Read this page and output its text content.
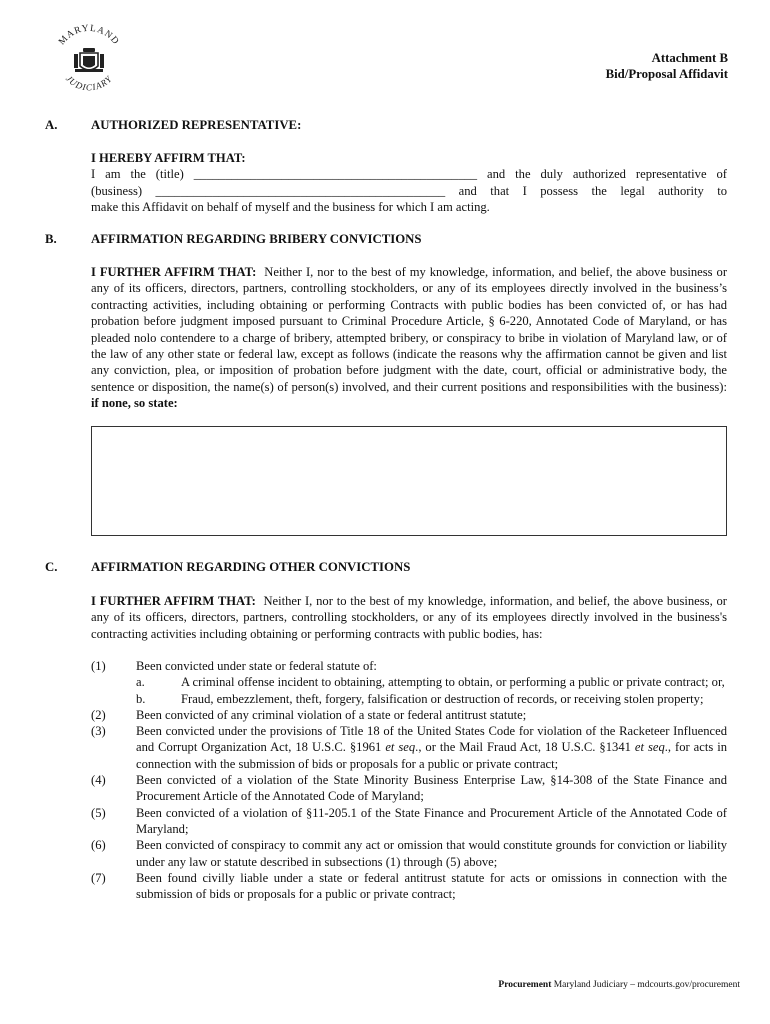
MARYLAND
JUDICIARY
Attachment B
Bid/Proposal Affidavit
A.	AUTHORIZED REPRESENTATIVE:
I HEREBY AFFIRM THAT:
I am the (title) _____________________________________________ and the duly authorized representative of
(business) ______________________________________________ and that I possess the legal authority to
make this Affidavit on behalf of myself and the business for which I am acting.
B.	AFFIRMATION REGARDING BRIBERY CONVICTIONS
I FURTHER AFFIRM THAT: Neither I, nor to the best of my knowledge, information, and belief, the above business or any of its officers, directors, partners, controlling stockholders, or any of its employees directly involved in the business’s contracting activities, including obtaining or performing Contracts with public bodies has been convicted of, or has had probation before judgment imposed pursuant to Criminal Procedure Article, § 6-220, Annotated Code of Maryland, or has pleaded nolo contendere to a charge of bribery, attempted bribery, or conspiracy to bribe in violation of Maryland law, or of the law of any other state or federal law, except as follows (indicate the reasons why the affirmation cannot be given and list any conviction, plea, or imposition of probation before judgment with the date, court, official or administrative body, the sentence or disposition, the name(s) of person(s) involved, and their current positions and responsibilities with the business): if none, so state:
C.	AFFIRMATION REGARDING OTHER CONVICTIONS
I FURTHER AFFIRM THAT: Neither I, nor to the best of my knowledge, information, and belief, the above business, or any of its officers, directors, partners, controlling stockholders, or any of its employees directly involved in the business's contracting activities including obtaining or performing contracts with public bodies, has:
(1)	Been convicted under state or federal statute of:
a.	A criminal offense incident to obtaining, attempting to obtain, or performing a public or private contract; or,
b.	Fraud, embezzlement, theft, forgery, falsification or destruction of records, or receiving stolen property;
(2)	Been convicted of any criminal violation of a state or federal antitrust statute;
(3)	Been convicted under the provisions of Title 18 of the United States Code for violation of the Racketeer Influenced and Corrupt Organization Act, 18 U.S.C. §1961 et seq., or the Mail Fraud Act, 18 U.S.C. §1341 et seq., for acts in connection with the submission of bids or proposals for a public or private contract;
(4)	Been convicted of a violation of the State Minority Business Enterprise Law, §14-308 of the State Finance and Procurement Article of the Annotated Code of Maryland;
(5)	Been convicted of a violation of §11-205.1 of the State Finance and Procurement Article of the Annotated Code of Maryland;
(6)	Been convicted of conspiracy to commit any act or omission that would constitute grounds for conviction or liability under any law or statute described in subsections (1) through (5) above;
(7)	Been found civilly liable under a state or federal antitrust statute for acts or omissions in connection with the submission of bids or proposals for a public or private contract;
Procurement Maryland Judiciary – mdcourts.gov/procurement
